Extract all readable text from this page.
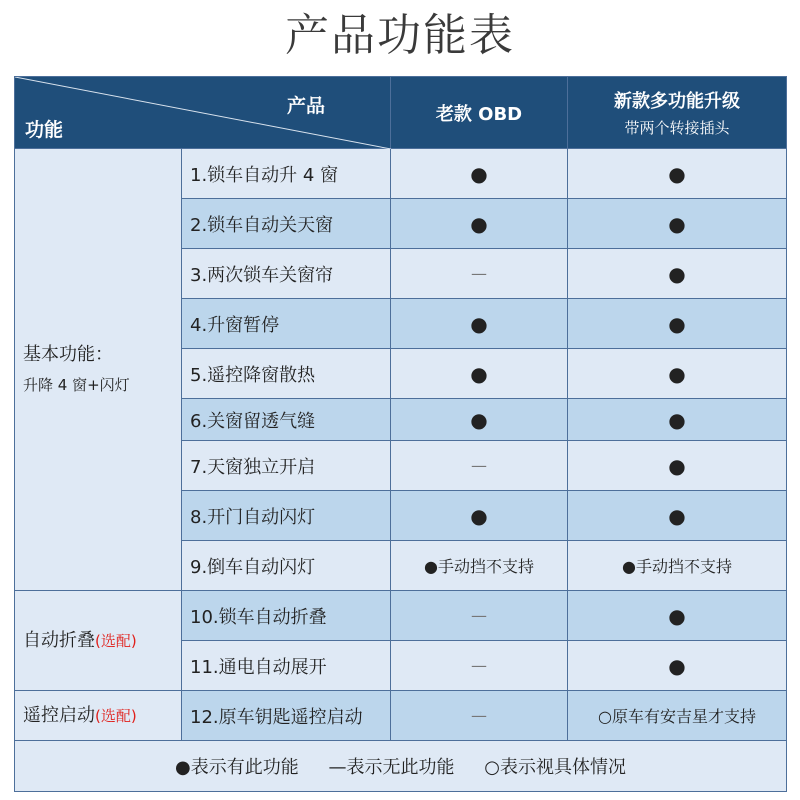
产品功能表
产品
功能		老款 OBD	新款多功能升级
带两个转接插头

基本功能：
升降 4 窗+闪灯	1.锁车自动升 4 窗	●	●
	2.锁车自动关天窗	●	●
	3.两次锁车关窗帘	—	●
	4.升窗暂停	●	●
	5.遥控降窗散热	●	●
	6.关窗留透气缝	●	●
	7.天窗独立开启	—	●
	8.开门自动闪灯	●	●
	9.倒车自动闪灯	●手动挡不支持	●手动挡不支持
自动折叠(选配)	10.锁车自动折叠	—	●
	11.通电自动展开	—	●
遥控启动(选配)	12.原车钥匙遥控启动	—	○原车有安吉星才支持
●表示有此功能 —表示无此功能 ○表示视具体情况			
